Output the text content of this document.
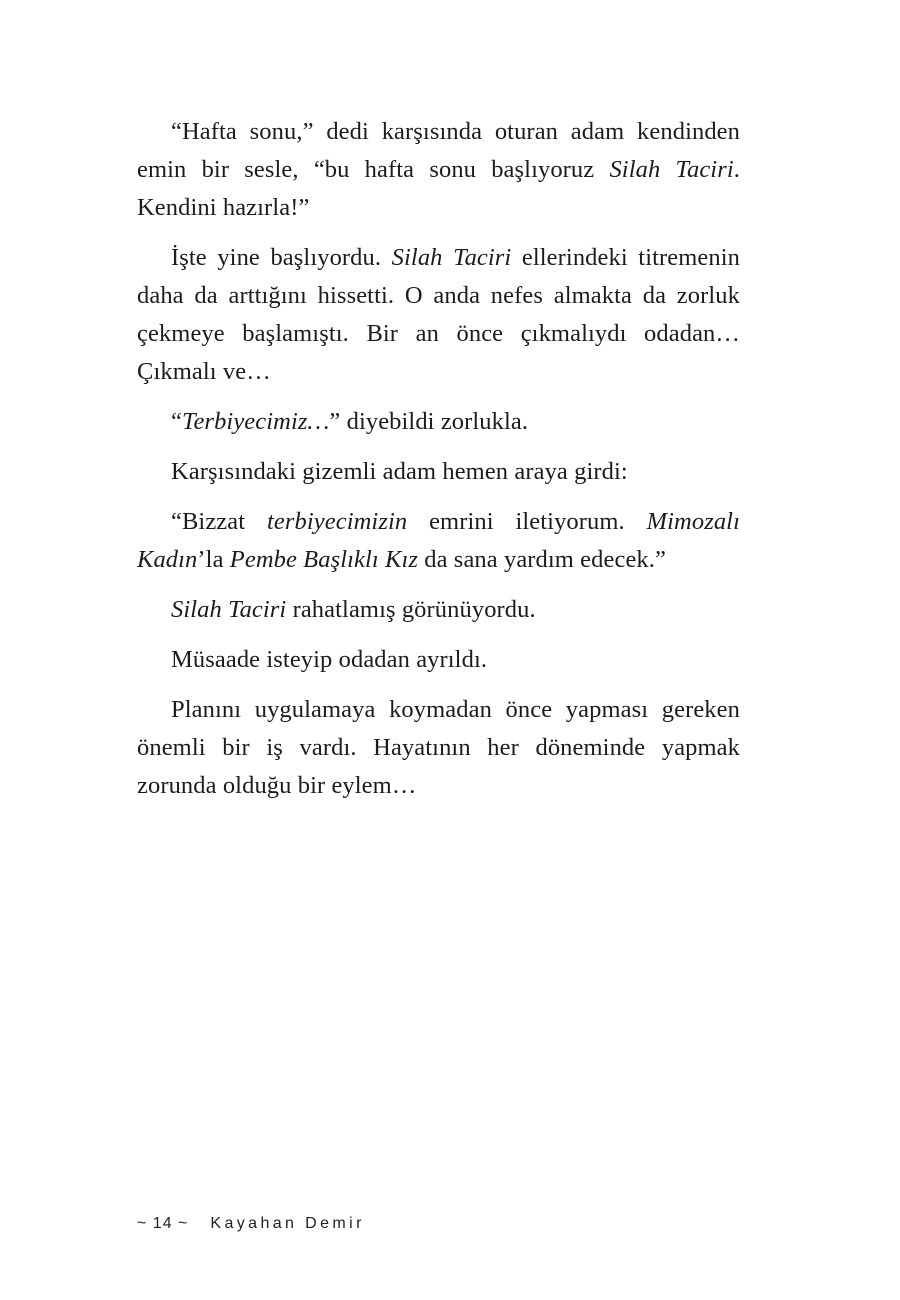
“Hafta sonu,” dedi karşısında oturan adam kendinden emin bir sesle, “bu hafta sonu başlıyoruz Silah Taciri. Kendini hazırla!”

İşte yine başlıyordu. Silah Taciri ellerindeki titremenin daha da arttığını hissetti. O anda nefes almakta da zorluk çekmeye başlamıştı. Bir an önce çıkmalıydı odadan… Çıkmalı ve…

“Terbiyecimiz…” diyebildi zorlukla.

Karşısındaki gizemli adam hemen araya girdi:

“Bizzat terbiyecimizin emrini iletiyorum. Mimozalı Kadın’la Pembe Başlıklı Kız da sana yardım edecek.”

Silah Taciri rahatlamış görünüyordu.

Müsaade isteyip odadan ayrıldı.

Planını uygulamaya koymadan önce yapması gereken önemli bir iş vardı. Hayatının her döneminde yapmak zorunda olduğu bir eylem…

~ 14 ~ Kayahan Demir
